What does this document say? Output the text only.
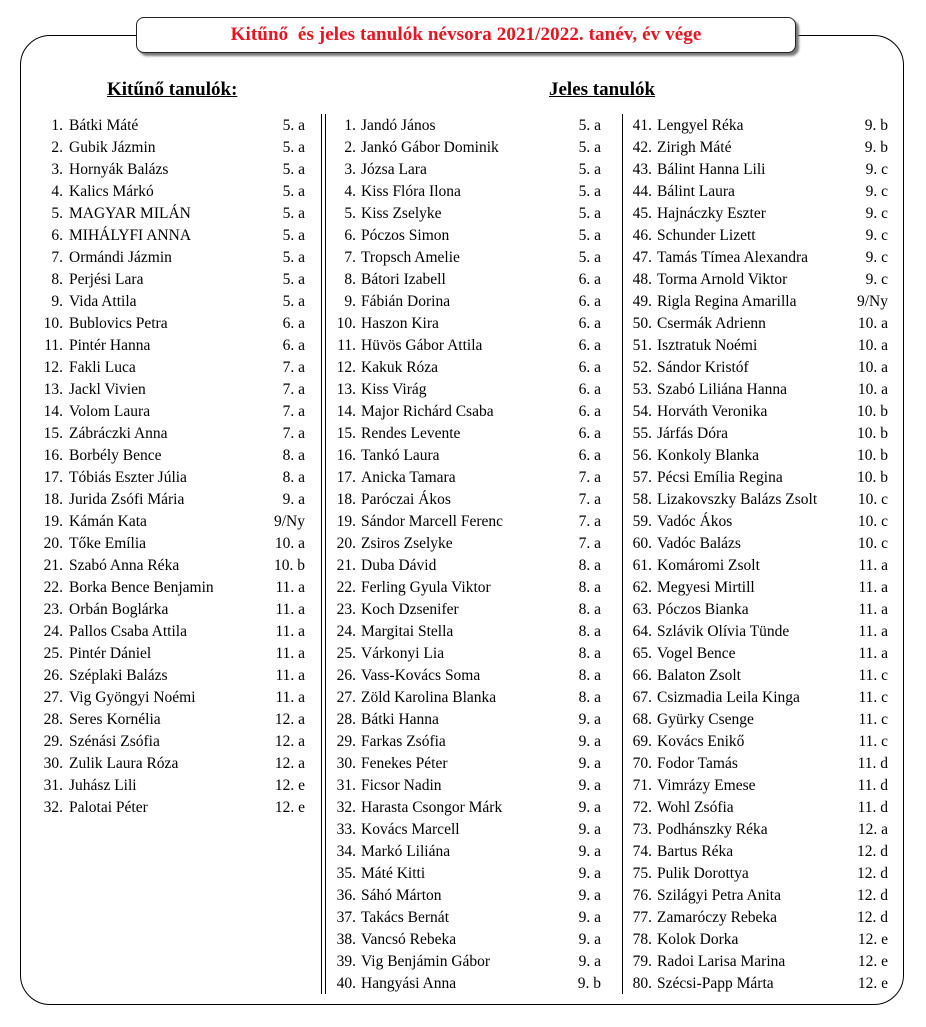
Kitűnő  és jeles tanulók névsora 2021/2022. tanév, év vége
Kitűnő tanulók:	Jeles tanulók
1. Bátki Máté	5. a
2. Gubik Jázmin	5. a
3. Hornyák Balázs	5. a
4. Kalics Márkó	5. a
5. MAGYAR MILÁN	5. a
6. MIHÁLYFI ANNA	5. a
7. Ormándi Jázmin	5. a
8. Perjési Lara	5. a
9. Vida Attila	5. a
10. Bublovics Petra	6. a
11. Pintér Hanna	6. a
12. Fakli Luca	7. a
13. Jackl Vivien	7. a
14. Volom Laura	7. a
15. Zábráczki Anna	7. a
16. Borbély Bence	8. a
17. Tóbiás Eszter Júlia	8. a
18. Jurida Zsófi Mária	9. a
19. Kámán Kata	9/Ny
20. Tőke Emília	10. a
21. Szabó Anna Réka	10. b
22. Borka Bence Benjamin	11. a
23. Orbán Boglárka	11. a
24. Pallos Csaba Attila	11. a
25. Pintér Dániel	11. a
26. Széplaki Balázs	11. a
27. Vig Gyöngyi Noémi	11. a
28. Seres Kornélia	12. a
29. Szénási Zsófia	12. a
30. Zulik Laura Róza	12. a
31. Juhász Lili	12. e
32. Palotai Péter	12. e
1. Jandó János	5. a
2. Jankó Gábor Dominik	5. a
3. Józsa Lara	5. a
4. Kiss Flóra Ilona	5. a
5. Kiss Zselyke	5. a
6. Póczos Simon	5. a
7. Tropsch Amelie	5. a
8. Bátori Izabell	6. a
9. Fábián Dorina	6. a
10. Haszon Kira	6. a
11. Hüvös Gábor Attila	6. a
12. Kakuk Róza	6. a
13. Kiss Virág	6. a
14. Major Richárd Csaba	6. a
15. Rendes Levente	6. a
16. Tankó Laura	6. a
17. Anicka Tamara	7. a
18. Paróczai Ákos	7. a
19. Sándor Marcell Ferenc	7. a
20. Zsiros Zselyke	7. a
21. Duba Dávid	8. a
22. Ferling Gyula Viktor	8. a
23. Koch Dzsenifer	8. a
24. Margitai Stella	8. a
25. Várkonyi Lia	8. a
26. Vass-Kovács Soma	8. a
27. Zöld Karolina Blanka	8. a
28. Bátki Hanna	9. a
29. Farkas Zsófia	9. a
30. Fenekes Péter	9. a
31. Ficsor Nadin	9. a
32. Harasta Csongor Márk	9. a
33. Kovács Marcell	9. a
34. Markó Liliána	9. a
35. Máté Kitti	9. a
36. Sáhó Márton	9. a
37. Takács Bernát	9. a
38. Vancsó Rebeka	9. a
39. Vig Benjámin Gábor	9. a
40. Hangyási Anna	9. b
41. Lengyel Réka	9. b
42. Zirigh Máté	9. b
43. Bálint Hanna Lili	9. c
44. Bálint Laura	9. c
45. Hajnáczky Eszter	9. c
46. Schunder Lizett	9. c
47. Tamás Tímea Alexandra	9. c
48. Torma Arnold Viktor	9. c
49. Rigla Regina Amarilla	9/Ny
50. Csermák Adrienn	10. a
51. Isztratuk Noémi	10. a
52. Sándor Kristóf	10. a
53. Szabó Liliána Hanna	10. a
54. Horváth Veronika	10. b
55. Járfás Dóra	10. b
56. Konkoly Blanka	10. b
57. Pécsi Emília Regina	10. b
58. Lizakovszky Balázs Zsolt	10. c
59. Vadóc Ákos	10. c
60. Vadóc Balázs	10. c
61. Komáromi Zsolt	11. a
62. Megyesi Mirtill	11. a
63. Póczos Bianka	11. a
64. Szlávik Olívia Tünde	11. a
65. Vogel Bence	11. a
66. Balaton Zsolt	11. c
67. Csizmadia Leila Kinga	11. c
68. Gyürky Csenge	11. c
69. Kovács Enikő	11. c
70. Fodor Tamás	11. d
71. Vimrázy Emese	11. d
72. Wohl Zsófia	11. d
73. Podhánszky Réka	12. a
74. Bartus Réka	12. d
75. Pulik Dorottya	12. d
76. Szilágyi Petra Anita	12. d
77. Zamaróczy Rebeka	12. d
78. Kolok Dorka	12. e
79. Radoi Larisa Marina	12. e
80. Szécsi-Papp Márta	12. e
